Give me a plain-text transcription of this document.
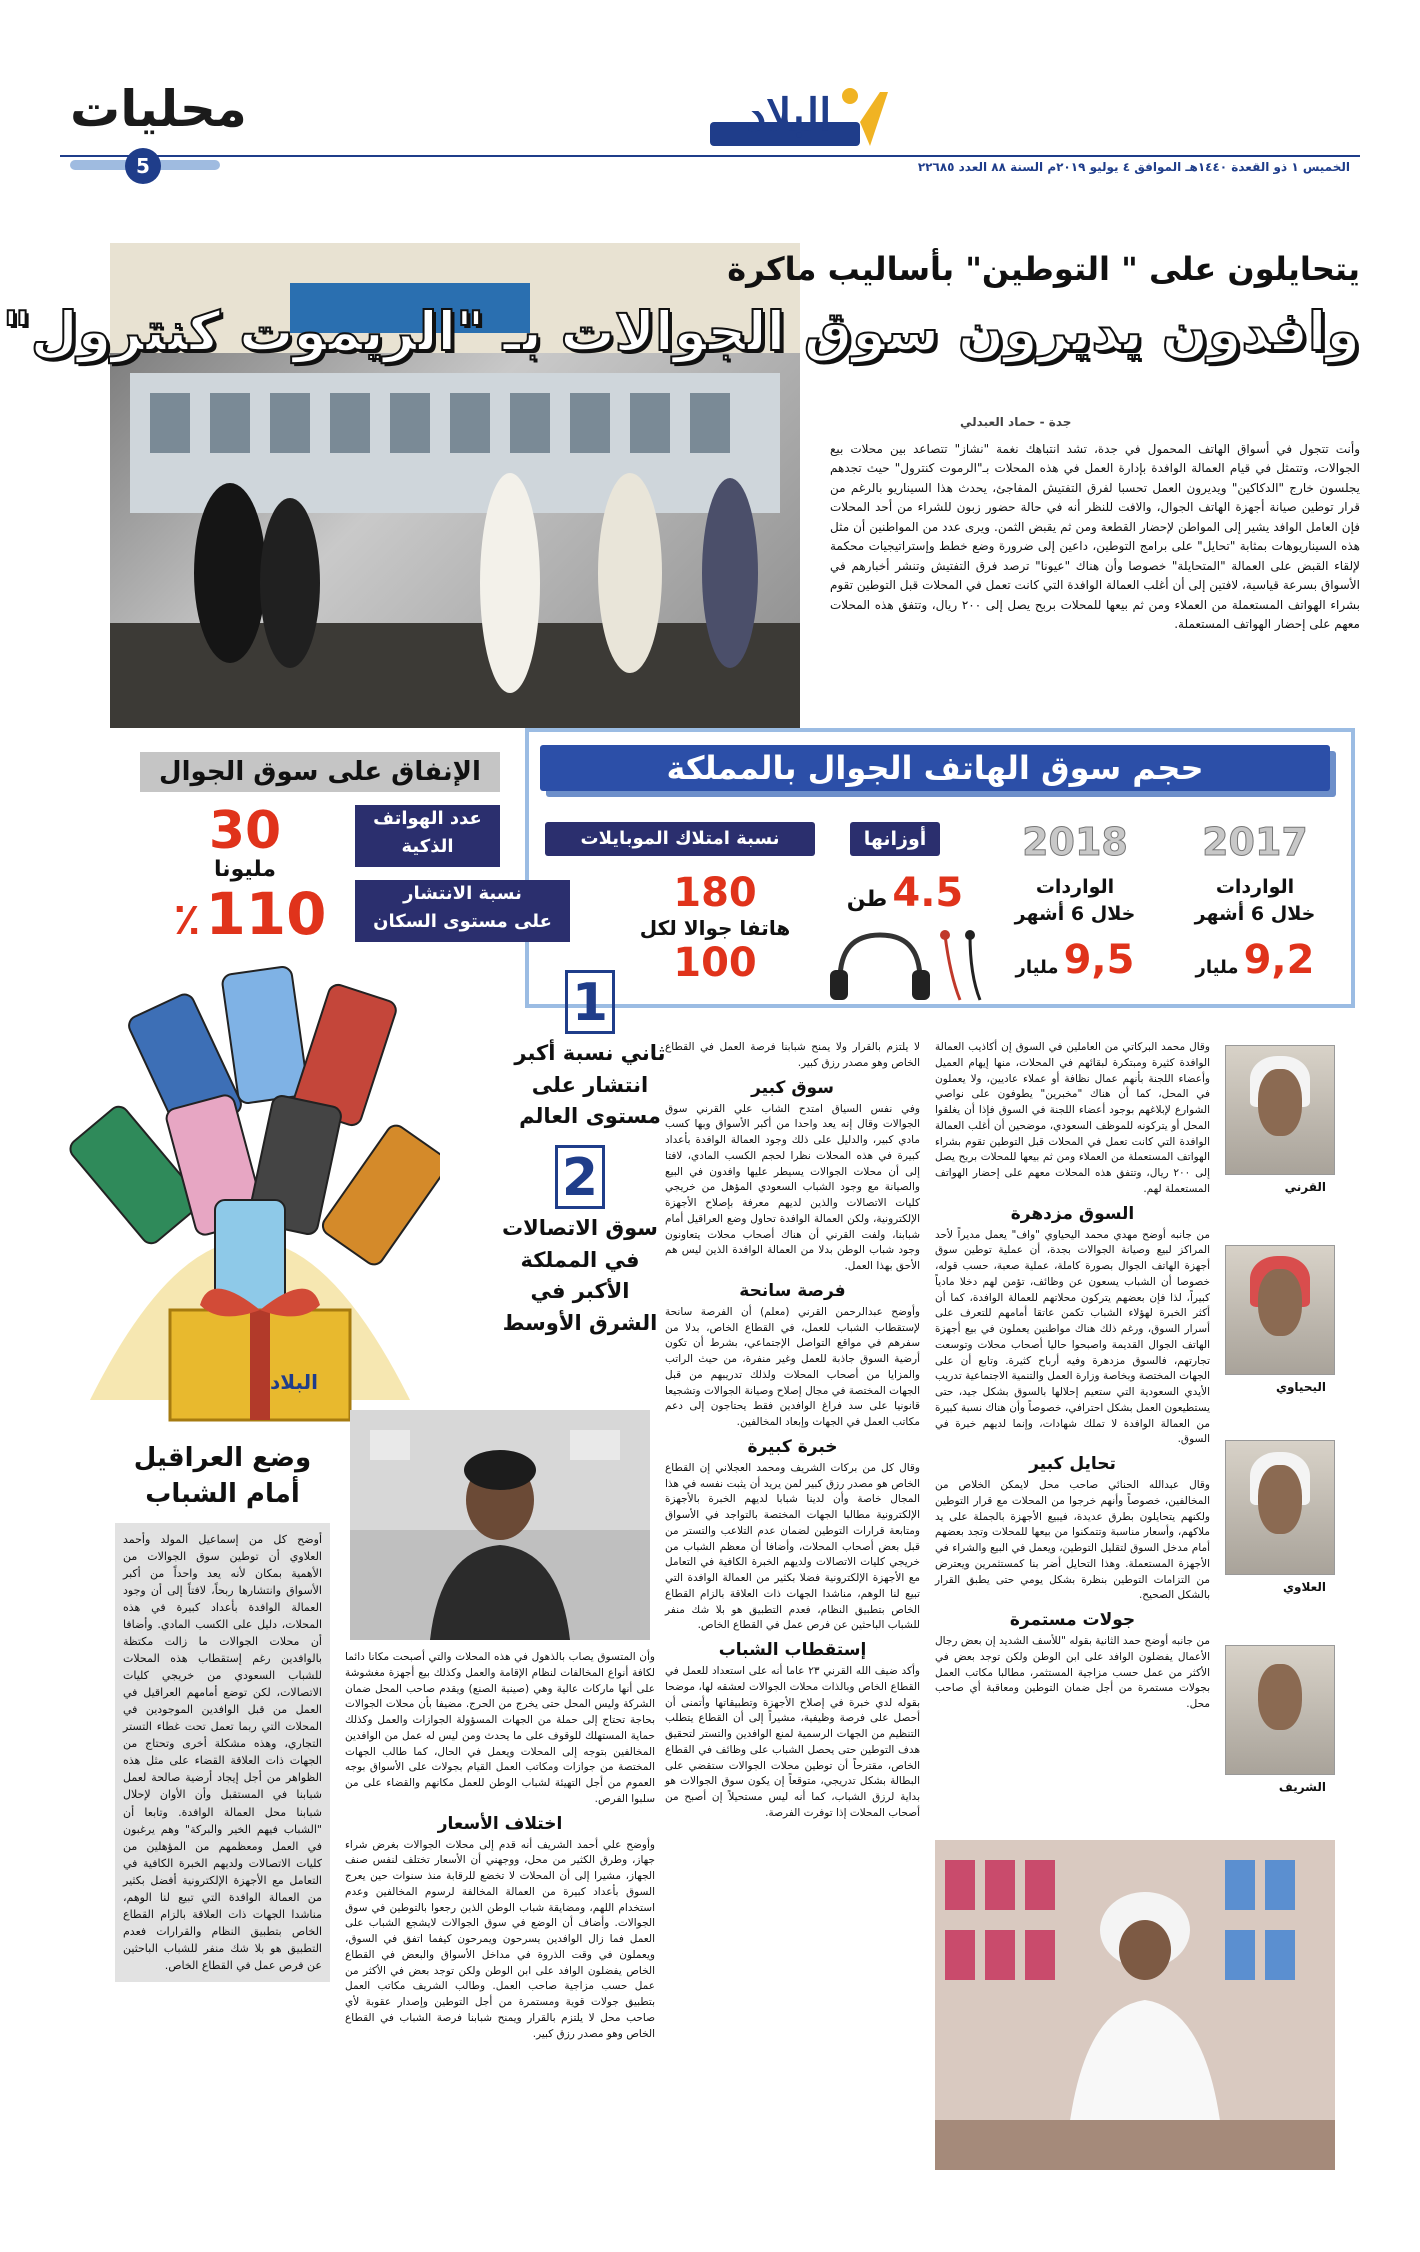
البلاد
الخميس ١ ذو القعدة ١٤٤٠هـ الموافق ٤ يوليو ٢٠١٩م السنة ٨٨ العدد ٢٢٦٨٥
محليات
5
يتحايلون على " التوطين" بأساليب ماكرة
وافدون يديرون سوق الجوالات بـ "الريموت كنترول"
جدة - حماد العبدلي

وأنت تتجول في أسواق الهاتف المحمول في جدة، تشد انتباهك نغمة "نشاز" تتصاعد بين محلات بيع الجوالات، وتتمثل في قيام العمالة الوافدة بإدارة العمل في هذه المحلات بـ"الرموت كنترول" حيث تجدهم يجلسون خارج "الدكاكين" ويديرون العمل تحسبا لفرق التفتيش المفاجئ، يحدث هذا السيناريو بالرغم من قرار توطين صيانة أجهزة الهاتف الجوال، والافت للنظر أنه في حالة حضور زبون للشراء من أحد المحلات فإن العامل الوافد يشير إلى المواطن لإحضار القطعة ومن ثم يقبض الثمن. ويرى عدد من المواطنين أن مثل هذه السيناريوهات بمثابة "تحايل" على برامج التوطين، داعين إلى ضرورة وضع خطط وإستراتيجيات محكمة لإلقاء القبض على العمالة "المتحايلة" خصوصا وأن هناك "عيونا" ترصد فرق التفتيش وتنشر أخبارهم في الأسواق بسرعة قياسية، لافتين إلى أن أغلب العمالة الوافدة التي كانت تعمل في المحلات قبل التوطين تقوم بشراء الهواتف المستعملة من العملاء ومن ثم بيعها للمحلات بربح يصل إلى ٢٠٠ ريال، وتتفق هذه المحلات معهم على إحضار الهواتف المستعملة.

حجم سوق الهاتف الجوال بالمملكة
2017
الواردات
خلال 6 أشهر
9,2 مليار
2018
الواردات
خلال 6 أشهر
9,5 مليار
أوزانها
4.5 طن
نسبة امتلاك الموبايلات
180
هاتفا جوالا لكل
100
الإنفاق على سوق الجوال
عدد الهواتف
الذكية
30
مليونا
نسبة الانتشار
على مستوى السكان
110 ٪
البلاد
1
ثاني نسبة أكبر
انتشار على
مستوى العالم
2
سوق الاتصالات
في المملكة
الأكبر في
الشرق الأوسط
القرني
اليحياوي
العلاوي
الشريف

وقال محمد البركاتي من العاملين في السوق إن أكاذيب العمالة الوافدة كثيرة ومبتكرة لبقائهم في المحلات، منها إيهام العميل وأعضاء اللجنة بأنهم عمال نظافة أو عملاء عاديين، ولا يعملون في المحل، كما أن هناك "مخبرين" يطوفون على نواصي الشوارع لإبلاغهم بوجود أعضاء اللجنة في السوق فإذا أن يغلقوا المحل أو يتركونه للموظف السعودي، موضحين أن أغلب العمالة الوافدة التي كانت تعمل في المحلات قبل التوطين تقوم بشراء الهواتف المستعملة من العملاء ومن ثم بيعها للمحلات بربح يصل إلى ٢٠٠ ريال، وتتفق هذه المحلات معهم على إحضار الهواتف المستعملة لهم.

السوق مزدهرة

من جانبه أوضح مهدي محمد اليحياوي "واف" يعمل مديراً لأحد المراكز لبيع وصيانة الجوالات بجدة، أن عملية توطين سوق أجهزة الهاتف الجوال بصورة كاملة، عملية صعبة، حسب قوله، خصوصا أن الشباب يسعون عن وظائف، تؤمن لهم دخلا مادياً كبيراً، لذا فإن بعضهم يتركون محلاتهم للعمالة الوافدة، كما أن أكثر الخبرة لهؤلاء الشباب تكمن عاتقا أمامهم للتعرف على أسرار السوق، ورغم ذلك هناك مواطنين يعملون في بيع أجهزة الهاتف الجوال القديمة واصبحوا حاليا أصحاب محلات وتوسعت تجارتهم، فالسوق مزدهرة وفيه أرباح كثيرة. وتابع أن على الجهات المختصة وبخاصة وزارة العمل والتنمية الاجتماعية تدريب الأيدي السعودية التي ستعيم إحلالها بالسوق بشكل جيد، حتى يستطيعون العمل بشكل احترافي، خصوصاً وأن هناك نسبة كبيرة من العمالة الوافدة لا تملك شهادات، وإنما لديهم خبرة في السوق.

تحايل كبير

وقال عبدالله الحنائي صاحب محل لايمكن الخلاص من المخالفين، خصوصاً وأنهم خرجوا من المحلات مع قرار التوطين ولكنهم يتحايلون بطرق عديدة، فيبيع الأجهزة بالجملة على يد ملاكهم، وأسعار مناسبة وتتمكنوا من بيعها للمحلات وتجد بعضهم أمام مدخل السوق لتقليل التوطين، ويعمل في البيع والشراء في الأجهزة المستعملة. وهذا التحايل أضر بنا كمستثمرين ويعترض من التزامات التوطين بنظرة بشكل يومي حتى يطبق القرار بالشكل الصحيح.

جولات مستمرة

من جانبه أوضح حمد الثانية بقوله "للأسف الشديد إن بعض رجال الأعمال يفضلون الوافد على ابن الوطن ولكن توجد بعض في الأكثر من عمل حسب مزاجية المستثمر، مطالبا مكاتب العمل بجولات مستمرة من أجل ضمان التوطين ومعاقبة أي صاحب محل.

لا يلتزم بالقرار ولا يمنح شبابنا فرصة العمل في القطاع الخاص وهو مصدر رزق كبير.

سوق كبير

وفي نفس السياق امتدح الشاب علي القرني سوق الجوالات وقال إنه يعد واحدا من أكبر الأسواق وبها كسب مادي كبير، والدليل على ذلك وجود العمالة الوافدة بأعداد كبيرة في هذه المحلات نظرا لحجم الكسب المادي، لافتا إلى أن محلات الجوالات يسيطر عليها وافدون في البيع والصيانة مع وجود الشباب السعودي المؤهل من خريجي كليات الاتصالات والذين لديهم معرفة بإصلاح الأجهزة الإلكترونية، ولكن العمالة الوافدة تحاول وضع العراقيل أمام شبابنا، ولفت القرني أن هناك أصحاب محلات يتعاونون وجود شباب الوطن بدلا من العمالة الوافدة الذين ليس هم الأحق بهذا العمل.

فرصة سانحة

وأوضح عبدالرحمن القرني (معلم) أن الفرصة سانحة لإستقطاب الشباب للعمل، في القطاع الخاص، بدلا من سفرهم في مواقع التواصل الإجتماعي، بشرط أن تكون أرضية السوق جاذبة للعمل وغير منفرة، من حيث الراتب والمزايا من أصحاب المحلات ولذلك تدريبهم من قبل الجهات المختصة في مجال إصلاح وصيانة الجوالات وتشجيعا قانونيا على سد فراغ الوافدين فقط يحتاجون إلى دعم مكاتب العمل في الجهات وإبعاد المخالفين.

خبرة كبيرة

وقال كل من بركات الشريف ومحمد العجلاني إن القطاع الخاص هو مصدر رزق كبير لمن يريد أن يثبت نفسه في هذا المجال خاصة وأن لدينا شبابا لديهم الخبرة بالأجهزة الإلكترونية مطالبا الجهات المختصة بالتواجد في الأسواق ومتابعة قرارات التوطين لضمان عدم التلاعب والتستر من قبل بعض أصحاب المحلات، وأضافا أن معظم الشباب من خريجي كليات الاتصالات ولديهم الخبرة الكافية في التعامل مع الأجهزة الإلكترونية فضلا بكثير من العمالة الوافدة التي تبيع لنا الوهم، مناشدا الجهات ذات العلاقة بالزام القطاع الخاص بتطبيق النظام، فعدم التطبيق هو بلا شك منفر للشباب الباحثين عن فرص عمل في القطاع الخاص.

إستقطاب الشباب

وأكد ضيف الله القرني ٢٣ عاما أنه على استعداد للعمل في القطاع الخاص وبالذات محلات الجوالات لعشقه لها، موضحا بقوله لدي خبرة في إصلاح الأجهزة وتطبيقاتها وأتمنى أن أحصل على فرصة وظيفية، مشيراً إلى أن القطاع يتطلب التنظيم من الجهات الرسمية لمنع الوافدين والتستر لتحقيق هدف التوطين حتى يحصل الشباب على وظائف في القطاع الخاص، مقترحاً أن توطين محلات الجوالات ستقضي على البطالة بشكل تدريجي، متوقعاً إن يكون سوق الجوالات هو بداية لرزق الشباب، كما أنه ليس مستحيلاً إن أصبح من أصحاب المحلات إذا توفرت الفرصة.

وأن المتسوق يصاب بالذهول في هذه المحلات والتي أصبحت مكانا دائما لكافة أنواع المخالفات لنظام الإقامة والعمل وكذلك بيع أجهزة مغشوشة على أنها ماركات عالية وهي (صينية الصنع) ويقدم صاحب المحل ضمان الشركة وليس المحل حتى يخرج من الحرج. مضيفا بأن محلات الجوالات بحاجة تحتاج إلى حملة من الجهات المسؤولة الجوازات والعمل وكذلك حماية المستهلك للوقوف على ما يحدث ومن ليس له عمل من الوافدين المخالفين بتوجه إلى المحلات ويعمل في الحال، كما طالب الجهات المختصة من جوازات ومكاتب العمل القيام بجولات على الأسواق بوجه العموم من أجل التهيئة لشباب الوطن للعمل مكانهم والقضاء على من سلبوا الفرص.

اختلاف الأسعار

وأوضح علي أحمد الشريف أنه قدم إلى محلات الجوالات بغرض شراء جهاز، وطرق الكثير من محل، ووجهني أن الأسعار تختلف لنفس صنف الجهاز، مشيرا إلى أن المحلات لا تخضع للرقابة منذ سنوات حين يعرج السوق بأعداد كبيرة من العمالة المخالفة لرسوم المخالفين وعدم استخدام اللهم، ومضايقة شباب الوطن الذين رجعوا بالتوطين في سوق الجوالات. وأضاف أن الوضع في سوق الجوالات لايشجع الشباب على العمل فما زال الوافدين يسرحون ويمرحون كيفما اتفق في السوق، ويعملون في وقت الذروة في مداخل الأسواق والبعض في القطاع الخاص يفضلون الوافد على ابن الوطن ولكن توجد بعض في الأكثر من عمل حسب مزاجية صاحب العمل. وطالب الشريف مكاتب العمل بتطبيق جولات قوية ومستمرة من أجل التوطين وإصدار عقوبة لأي صاحب محل لا يلتزم بالقرار ويمنح شبابنا فرصة الشباب في القطاع الخاص وهو مصدر رزق كبير.

وضع العراقيل أمام الشباب

أوضح كل من إسماعيل المولد وأحمد العلاوي أن توطين سوق الجوالات من الأهمية بمكان لأنه يعد واحداً من أكبر الأسواق وانتشارها ربحاً، لافتاً إلى أن وجود العمالة الوافدة بأعداد كبيرة في هذه المحلات، دليل على الكسب المادي. وأضافا أن محلات الجوالات ما زالت مكتظة بالوافدين رغم إستقطاب هذه المحلات للشباب السعودي من خريجي كليات الاتصالات، لكن توضع أمامهم العراقيل في العمل من قبل الوافدين الموجودين في المحلات التي ربما تعمل تحت غطاء التستر التجاري، وهذه مشكلة أخرى وتحتاج من الجهات ذات العلاقة القضاء على مثل هذه الظواهر من أجل إيجاد أرضية صالحة لعمل شبابنا في المستقبل وأن الأوان لإحلال شبابنا محل العمالة الوافدة. وتابعا أن "الشباب فيهم الخير والبركة" وهم يرغبون في العمل ومعظمهم من المؤهلين من كليات الاتصالات ولديهم الخبرة الكافية في التعامل مع الأجهزة الإلكترونية أفضل بكثير من العمالة الوافدة التي تبيع لنا الوهم، مناشدا الجهات ذات العلاقة بالزام القطاع الخاص بتطبيق النظام والقرارات فعدم التطبيق هو بلا شك منفر للشباب الباحثين عن فرص عمل في القطاع الخاص.
